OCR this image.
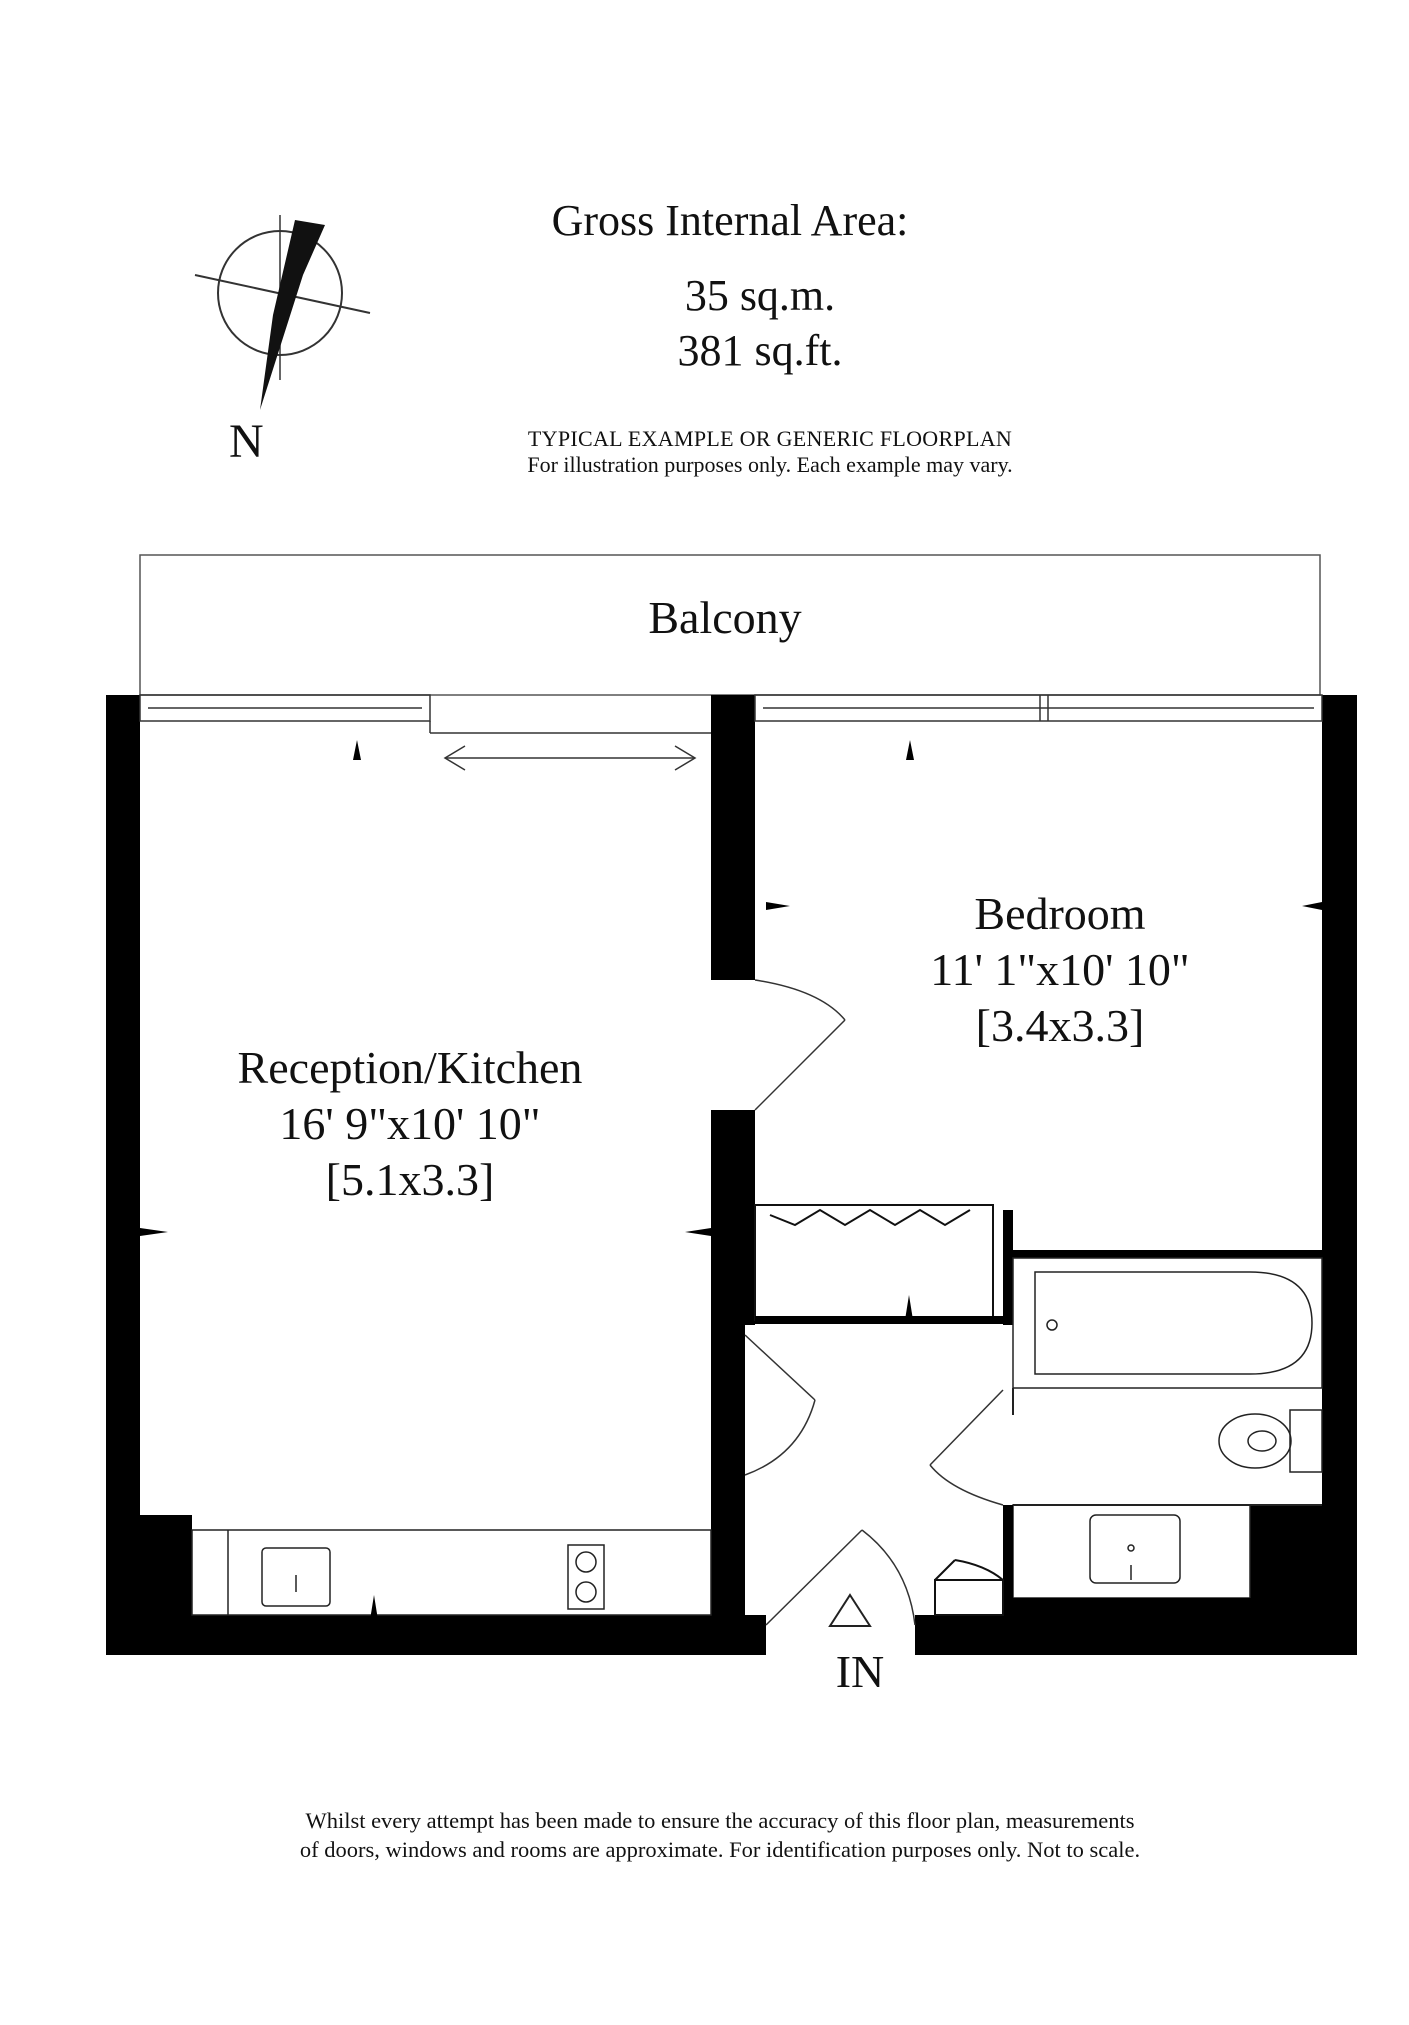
Gross Internal Area:
35 sq.m.
381 sq.ft.
TYPICAL EXAMPLE OR GENERIC FLOORPLAN
For illustration purposes only. Each example may vary.
N
Balcony
Bedroom
11' 1"x10' 10"
[3.4x3.3]
Reception/Kitchen
16' 9"x10' 10"
[5.1x3.3]
IN
Whilst every attempt has been made to ensure the accuracy of this floor plan, measurements
of doors, windows and rooms are approximate. For identification purposes only. Not to scale.
